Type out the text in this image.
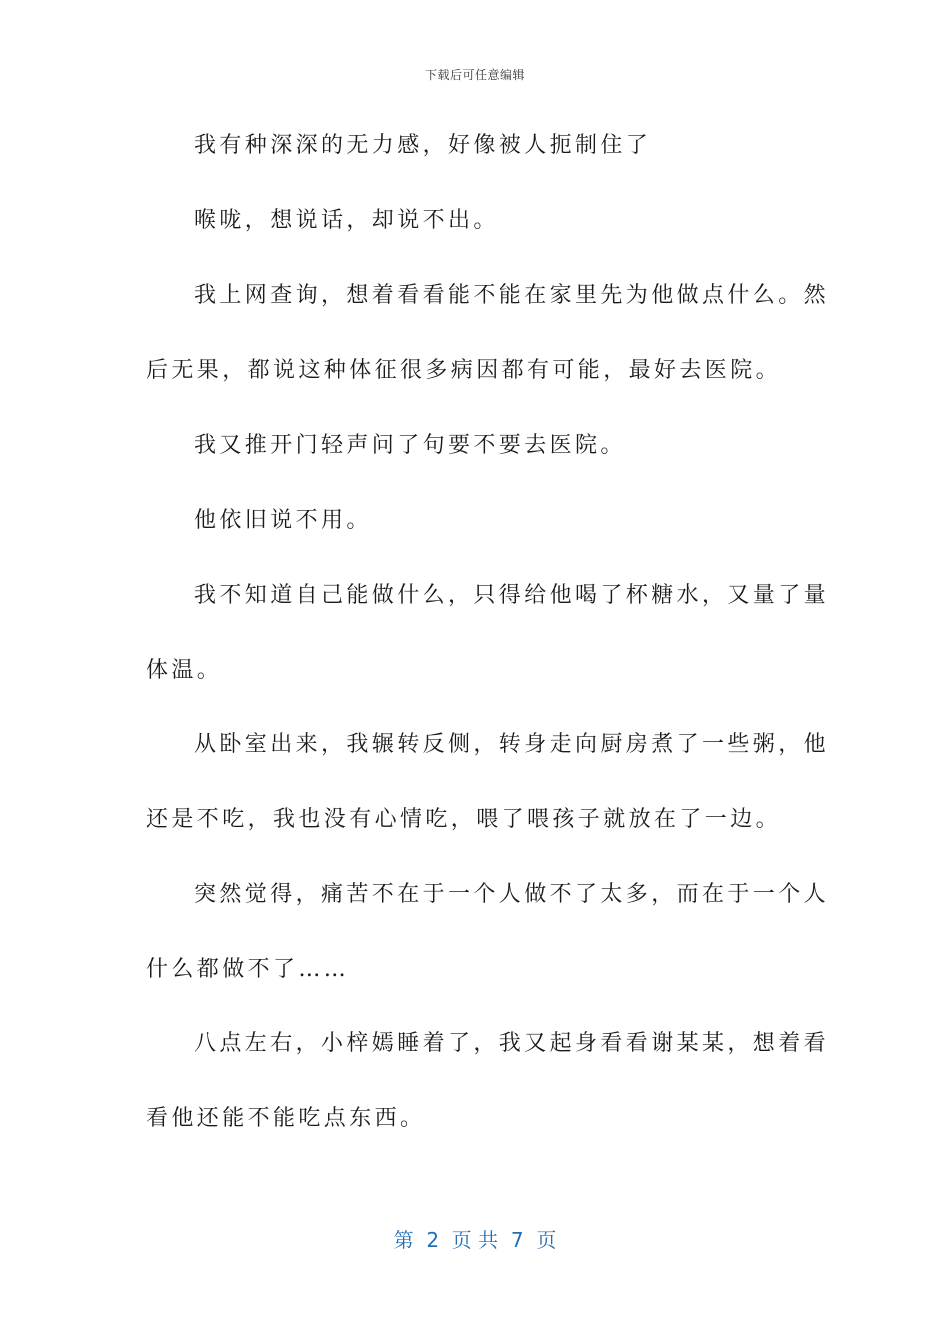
下载后可任意编辑
我有种深深的无力感，好像被人扼制住了
喉咙，想说话，却说不出。
我上网查询，想着看看能不能在家里先为他做点什么。然
后无果，都说这种体征很多病因都有可能，最好去医院。
我又推开门轻声问了句要不要去医院。
他依旧说不用。
我不知道自己能做什么，只得给他喝了杯糖水，又量了量
体温。
从卧室出来，我辗转反侧，转身走向厨房煮了一些粥，他
还是不吃，我也没有心情吃，喂了喂孩子就放在了一边。
突然觉得，痛苦不在于一个人做不了太多，而在于一个人
什么都做不了……
八点左右，小梓嫣睡着了，我又起身看看谢某某，想着看
看他还能不能吃点东西。
第  2  页 共  7  页
